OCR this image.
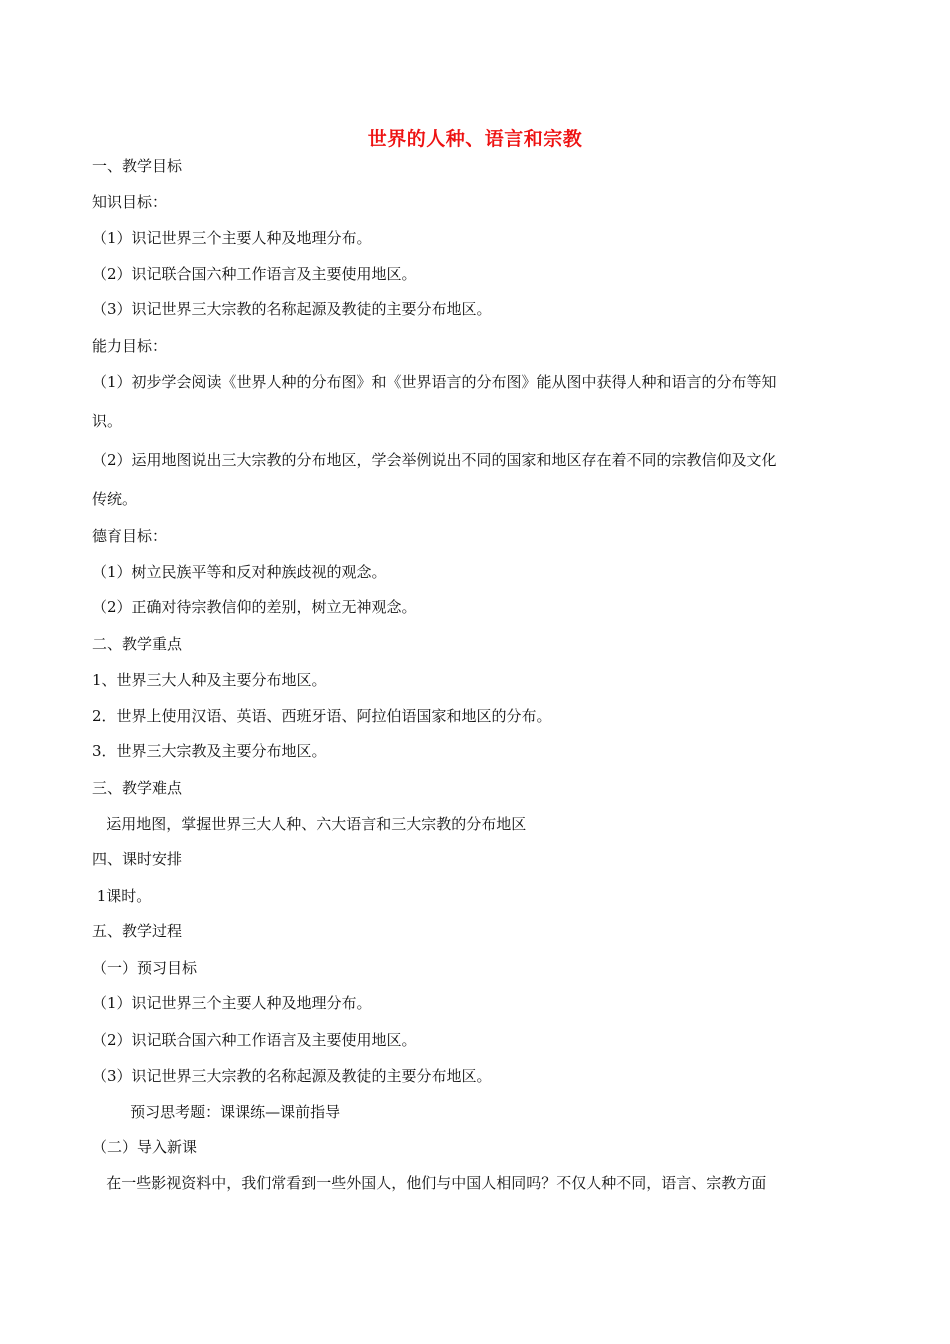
世界的人种、语言和宗教
一、教学目标
知识目标：
（1）识记世界三个主要人种及地理分布。
（2）识记联合国六种工作语言及主要使用地区。
（3）识记世界三大宗教的名称起源及教徒的主要分布地区。
能力目标：
（1）初步学会阅读《世界人种的分布图》和《世界语言的分布图》能从图中获得人种和语言的分布等知
识。
（2）运用地图说出三大宗教的分布地区，学会举例说出不同的国家和地区存在着不同的宗教信仰及文化
传统。
德育目标：
（1）树立民族平等和反对种族歧视的观念。
（2）正确对待宗教信仰的差别，树立无神观念。
二、教学重点
1、世界三大人种及主要分布地区。
2．世界上使用汉语、英语、西班牙语、阿拉伯语国家和地区的分布。
3．世界三大宗教及主要分布地区。
三、教学难点
运用地图，掌握世界三大人种、六大语言和三大宗教的分布地区
四、课时安排
1课时。
五、教学过程
（一）预习目标
（1）识记世界三个主要人种及地理分布。
（2）识记联合国六种工作语言及主要使用地区。
（3）识记世界三大宗教的名称起源及教徒的主要分布地区。
预习思考题：课课练—课前指导
（二）导入新课
在一些影视资料中，我们常看到一些外国人，他们与中国人相同吗？不仅人种不同，语言、宗教方面
